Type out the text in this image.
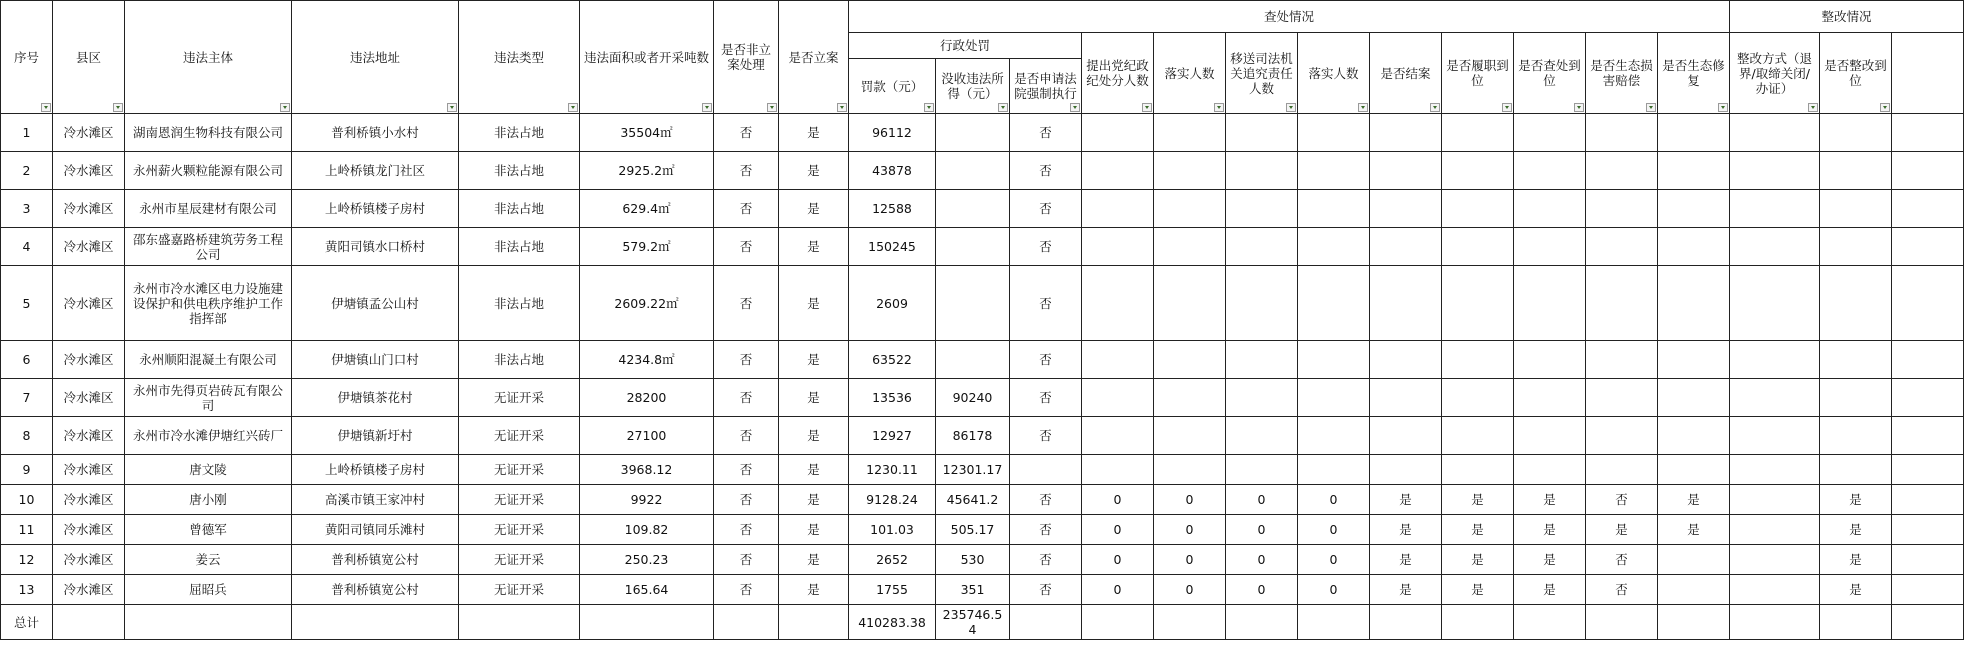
序号	县区	违法主体	违法地址	违法类型	违法面积或者开采吨数	是否非立案处理	是否立案	查处情况												整改情况	

								行政处罚			提出党纪政纪处分人数	落实人数	移送司法机关追究责任人数	落实人数	是否结案	是否履职到位	是否查处到位	是否生态损害赔偿	是否生态修复	整改方式（退界/取缔关闭/办证）	是否整改到位		

								罚款（元）	没收违法所得（元）	是否申请法院强制执行													

1	冷水滩区	湖南恩润生物科技有限公司	普利桥镇小水村	非法占地	35504㎡	否	是	96112		否													
2	冷水滩区	永州薪火颗粒能源有限公司	上岭桥镇龙门社区	非法占地	2925.2㎡	否	是	43878		否													
3	冷水滩区	永州市星辰建材有限公司	上岭桥镇楼子房村	非法占地	629.4㎡	否	是	12588		否													
4	冷水滩区	邵东盛嘉路桥建筑劳务工程公司	黄阳司镇水口桥村	非法占地	579.2㎡	否	是	150245		否													
5	冷水滩区	永州市冷水滩区电力设施建设保护和供电秩序维护工作指挥部	伊塘镇孟公山村	非法占地	2609.22㎡	否	是	2609		否													
6	冷水滩区	永州顺阳混凝土有限公司	伊塘镇山门口村	非法占地	4234.8㎡	否	是	63522		否													
7	冷水滩区	永州市先得页岩砖瓦有限公司	伊塘镇茶花村	无证开采	28200	否	是	13536	90240	否													
8	冷水滩区	永州市冷水滩伊塘红兴砖厂	伊塘镇新圩村	无证开采	27100	否	是	12927	86178	否													
9	冷水滩区	唐文陵	上岭桥镇楼子房村	无证开采	3968.12	否	是	1230.11	12301.17														
10	冷水滩区	唐小刚	高溪市镇王家冲村	无证开采	9922	否	是	9128.24	45641.2	否	0	0	0	0	是	是	是	否	是		是		
11	冷水滩区	曾德军	黄阳司镇同乐滩村	无证开采	109.82	否	是	101.03	505.17	否	0	0	0	0	是	是	是	是	是		是		
12	冷水滩区	姜云	普利桥镇宽公村	无证开采	250.23	否	是	2652	530	否	0	0	0	0	是	是	是	否			是		
13	冷水滩区	屈昭兵	普利桥镇宽公村	无证开采	165.64	否	是	1755	351	否	0	0	0	0	是	是	是	否			是		
总计								410283.38	235746.54														
